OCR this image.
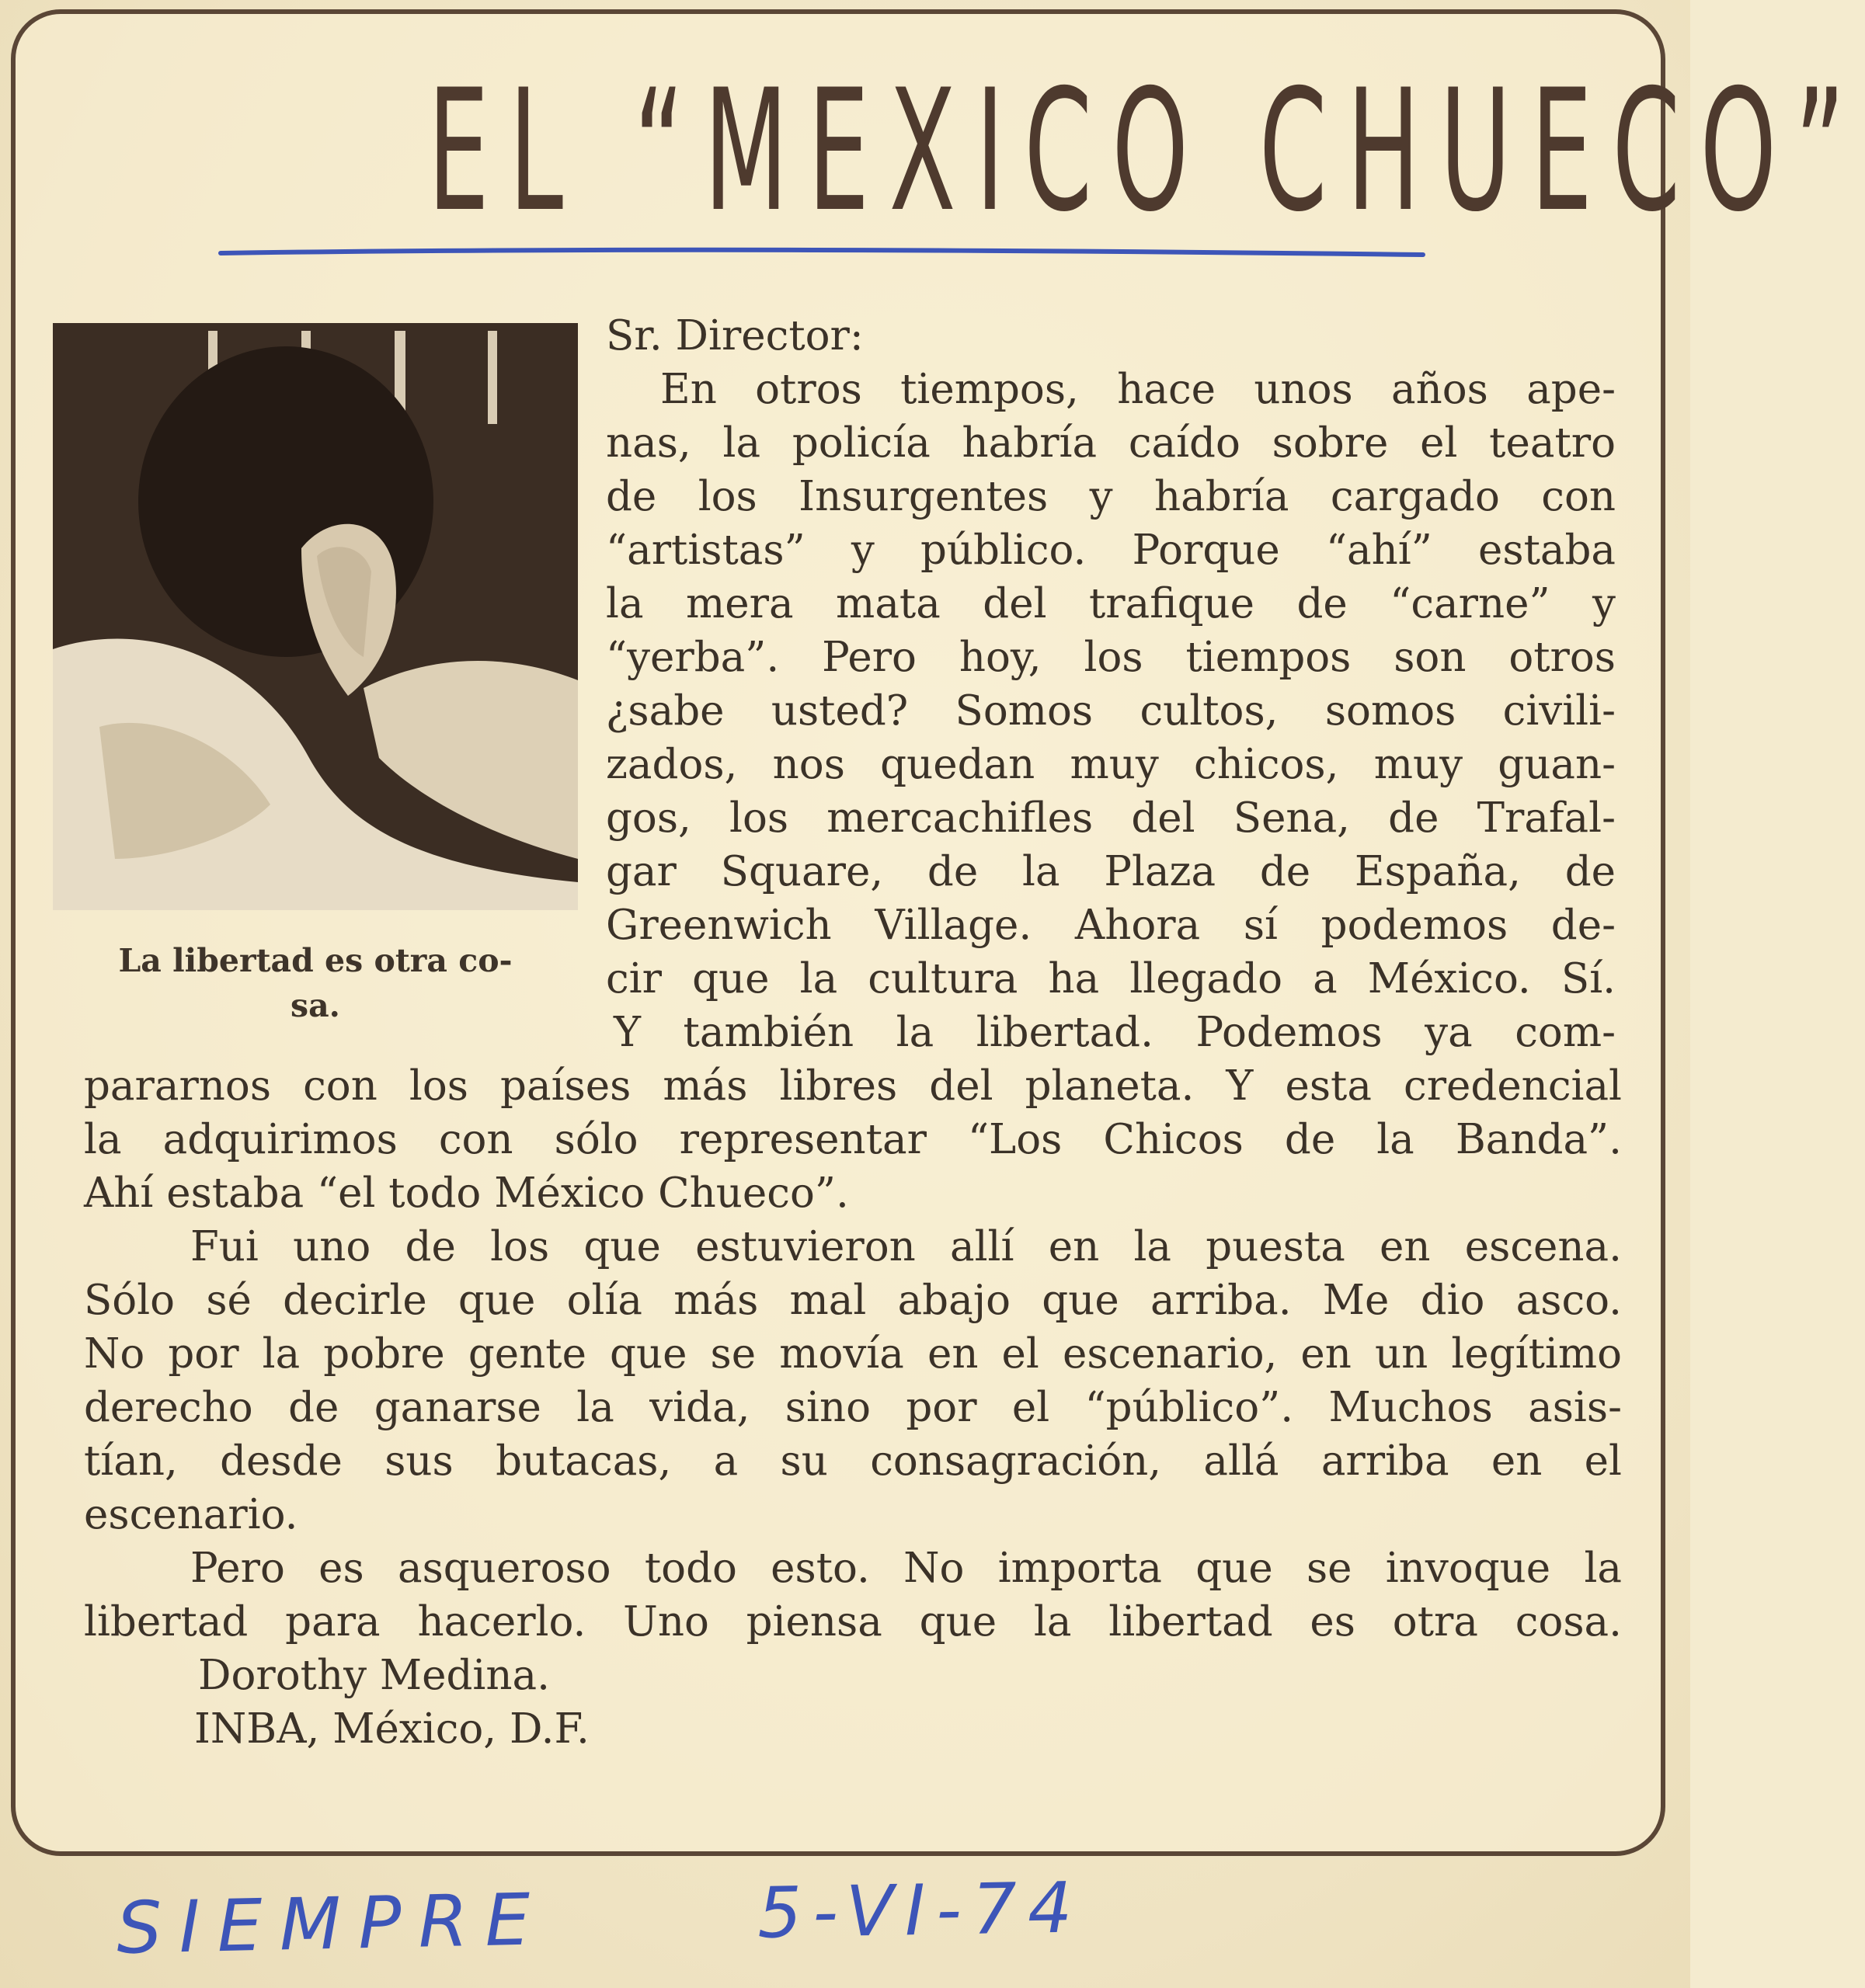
EL “MEXICO CHUECO”

La libertad es otra co-
sa.

Sr. Director:

En otros tiempos, hace unos años ape-

nas, la policía habría caído sobre el teatro

de los Insurgentes y habría cargado con

“artistas” y público. Porque “ahí” estaba

la mera mata del trafique de “carne” y

“yerba”. Pero hoy, los tiempos son otros

¿sabe usted? Somos cultos, somos civili-

zados, nos quedan muy chicos, muy guan-

gos, los mercachifles del Sena, de Trafal-

gar Square, de la Plaza de España, de

Greenwich Village. Ahora sí podemos de-

cir que la cultura ha llegado a México. Sí.

Y también la libertad. Podemos ya com-

pararnos con los países más libres del planeta. Y esta credencial

la adquirimos con sólo representar “Los Chicos de la Banda”.

Ahí estaba “el todo México Chueco”.

Fui uno de los que estuvieron allí en la puesta en escena.

Sólo sé decirle que olía más mal abajo que arriba. Me dio asco.

No por la pobre gente que se movía en el escenario, en un legítimo

derecho de ganarse la vida, sino por el “público”. Muchos asis-

tían, desde sus butacas, a su consagración, allá arriba en el

escenario.

Pero es asqueroso todo esto. No importa que se invoque la

libertad para hacerlo. Uno piensa que la libertad es otra cosa.

Dorothy Medina.

INBA, México, D.F.

SIEMPRE	5-VI-74
